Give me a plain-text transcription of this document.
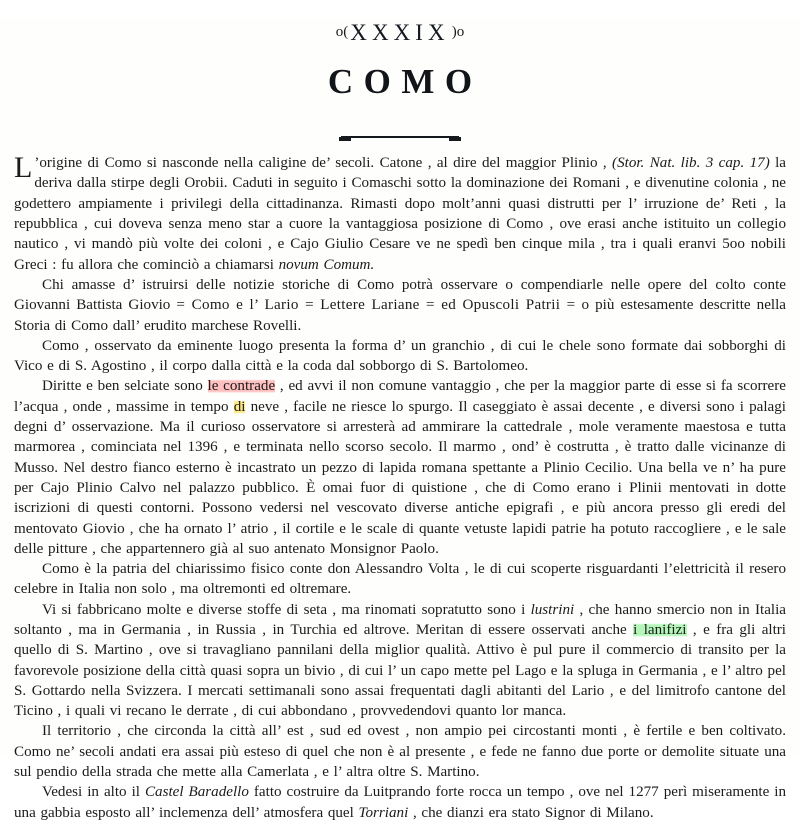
o(XXXIX )o
COMO

L ’origine di Como si nasconde nella caligine de’ secoli. Catone , al dire del maggior Plinio , (Stor. Nat. lib. 3 cap. 17) la deriva dalla stirpe degli Orobii. Caduti in seguito i Comaschi sotto la dominazione dei Romani , e divenutine colonia , ne godettero ampiamente i privilegi della cittadinanza. Rimasti dopo molt’anni quasi distrutti per l’ irruzione de’ Reti , la repubblica , cui doveva senza meno star a cuore la vantaggiosa posizione di Como , ove erasi anche istituito un collegio nautico , vi mandò più volte dei coloni , e Cajo Giulio Cesare ve ne spedì ben cinque mila , tra i quali eranvi 5oo nobili Greci : fu allora che cominciò a chiamarsi novum Comum.

Chi amasse d’ istruirsi delle notizie storiche di Como potrà osservare o compendiarle nelle opere del colto conte Giovanni Battista Giovio = Como e l’ Lario = Lettere Lariane = ed Opuscoli Patrii = o più estesamente descritte nella Storia di Como dall’ erudito marchese Rovelli.

Como , osservato da eminente luogo presenta la forma d’ un granchio , di cui le chele sono formate dai sobborghi di Vico e di S. Agostino , il corpo dalla città e la coda dal sobborgo di S. Bartolomeo.

Diritte e ben selciate sono le contrade , ed avvi il non comune vantaggio , che per la maggior parte di esse si fa scorrere l’acqua , onde , massime in tempo di neve , facile ne riesce lo spurgo. Il caseggiato è assai decente , e diversi sono i palagi degni d’ osservazione. Ma il curioso osservatore si arresterà ad ammirare la cattedrale , mole veramente maestosa e tutta marmorea , cominciata nel 1396 , e terminata nello scorso secolo. Il marmo , ond’ è costrutta , è tratto dalle vicinanze di Musso. Nel destro fianco esterno è incastrato un pezzo di lapida romana spettante a Plinio Cecilio. Una bella ve n’ ha pure per Cajo Plinio Calvo nel palazzo pubblico. È omai fuor di quistione , che di Como erano i Plinii mentovati in dotte iscrizioni di questi contorni. Possono vedersi nel vescovato diverse antiche epigrafi , e più ancora presso gli eredi del mentovato Giovio , che ha ornato l’ atrio , il cortile e le scale di quante vetuste lapidi patrie ha potuto raccogliere , e le sale delle pitture , che appartennero già al suo antenato Monsignor Paolo.

Como è la patria del chiarissimo fisico conte don Alessandro Volta , le di cui scoperte risguardanti l’elettricità il resero celebre in Italia non solo , ma oltremonti ed oltremare.

Vi si fabbricano molte e diverse stoffe di seta , ma rinomati sopratutto sono i lustrini , che hanno smercio non in Italia soltanto , ma in Germania , in Russia , in Turchia ed altrove. Meritan di essere osservati anche i lanifizi , e fra gli altri quello di S. Martino , ove si travagliano pannilani della miglior qualità. Attivo è pul pure il commercio di transito per la favorevole posizione della città quasi sopra un bivio , di cui l’ un capo mette pel Lago e la spluga in Germania , e l’ altro pel S. Gottardo nella Svizzera. I mercati settimanali sono assai frequentati dagli abitanti del Lario , e del limitrofo cantone del Ticino , i quali vi recano le derrate , di cui abbondano , provvedendovi quanto lor manca.

Il territorio , che circonda la città all’ est , sud ed ovest , non ampio pei circostanti monti , è fertile e ben coltivato. Como ne’ secoli andati era assai più esteso di quel che non è al presente , e fede ne fanno due porte or demolite situate una sul pendio della strada che mette alla Camerlata , e l’ altra oltre S. Martino.

Vedesi in alto il Castel Baradello fatto costruire da Luitprando forte rocca un tempo , ove nel 1277 perì miseramente in una gabbia esposto all’ inclemenza dell’ atmosfera quel Torriani , che dianzi era stato Signor di Milano.
